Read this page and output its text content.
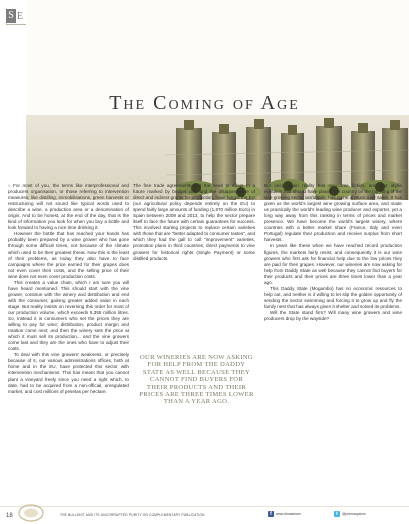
S E
The Coming of Age

» For most of you, the terms like interprofessional and producers organisation, or those referring to intervention measures, like distilling, immobilisations, green harvests or restructuring will not sound like typical words used to describe a wine, a production area or a denomination of origin. And to be honest, at the end of the day, that is the kind of information you look for when you buy a bottle and look forward to having a nice time drinking it.

However the bottle that has reached your hands has probably been prepared by a wine grower who has gone through some difficult times, not because of the climate which used to be their greatest threat. Now this is the least of their problems, as today they also have to face campaigns where the price earned for their grapes does not even cover their costs, and the selling price of their wine does not even cover production costs.

This creates a value chain, which I am sure you will have heard mentioned. This should start with the vine grower, continue with the winery and distribution and end with the consumer, gaining greater added value in each stage. But reality insists on reversing this order for most of our production volume, which exceeds 5,355 million litres. So, instead it is consumers who set the prices they are willing to pay for wine; distribution, product margin and rotation come next; and then the winery sets the price at which it must sell its production... and the vine growers come last and they are the ones who have to adjust their costs.

To deal with this vine growers' weakness, or precisely because of it, our various administrations offices, both at home and in the EU, have protected this sector with intervention mechanisms. This has meant that you cannot plant a vineyard freely since you need a right which, to date, had to be acquired from a non-official, unregulated market, and cost millions of pesetas per hectare.

The free trade agreements and the need to adapt to a future marked by budget cuts and the disappearance of direct and indirect grants for production, have forced the EU (our agricultural policy depends entirely on the EU) to spend fairly large amounts of funding (1,670 million Euro) in Spain between 2009 and 2013, to help the sector prepare itself to face the future with certain guarantees for success. This involved starting projects to replace certain varieties with those that are "better adapted to consumer tastes", and which they had the gall to call "improvement" varieties, promotion plans in third countries, direct payments to vine growers for historical rights (Single Payment) or some distilled products.

OUR WINERIES ARE NOW ASKING FOR HELP FROM THE DADDY STATE AS WELL BECAUSE THEY CANNOT FIND BUYERS FOR THEIR PRODUCTS AND THEIR PRICES ARE THREE TIMES LOWER THAN A YEAR AGO.

But once again reality has overcome fiction, and that idyllic evolution that should have placed our country on the top rung of the vine growing sector worldwide, has come unstuck over sales. It has given us the world's largest wine growing surface area, and made us practically the world's leading wine producer and exporter, yet a long way away from this ranking in terms of prices and market presence. We have become the world's largest winery, where countries with a better market share (France, Italy and even Portugal) regulate their production and receive surplus from short harvests.

In years like these when we have reached record production figures, the markets fairly resist, and consequently it is our wine growers who first ask for financial help due to the low prices they are paid for their grapes. However, our wineries are now asking for help from Daddy State as well because they cannot find buyers for their products and their prices are three times lower than a year ago.

This Daddy State (Mogambo) has no economic resources to help out, and neither is it willing to let slip the golden opportunity of sending the sector swimming and forcing it to grow up and fly the family nest that has always given it shelter and solved its problems.

Will the State stand firm? Will many wine growers and wine producers drop by the wayside?

18	THE BULLSHIT AND ITS UNCORRUPTED PURITY ON COMPLEMENTARY PUBLICATION	f	www.dimasteam	t	@prensaquicon
